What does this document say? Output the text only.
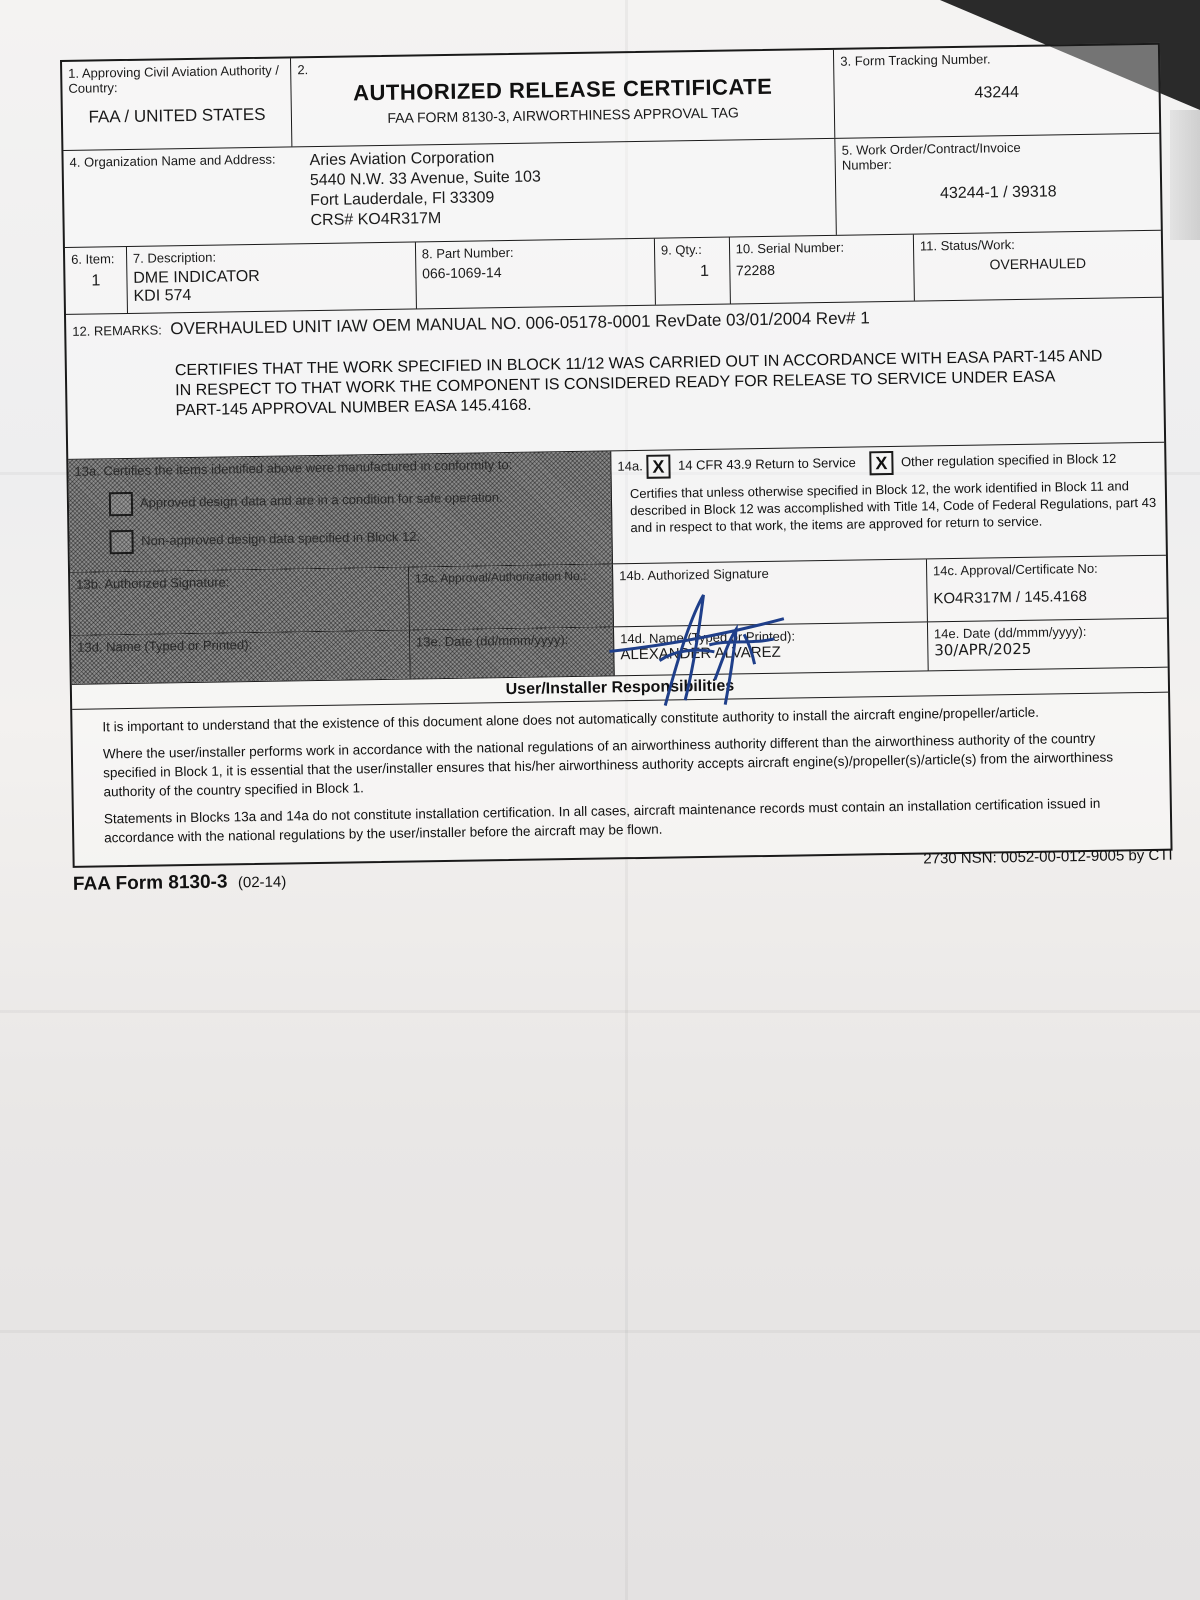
1. Approving Civil Aviation Authority / Country:
FAA / UNITED STATES
2.
AUTHORIZED RELEASE CERTIFICATE
FAA FORM 8130-3, AIRWORTHINESS APPROVAL TAG
3. Form Tracking Number.
43244
4. Organization Name and Address:	Aries Aviation Corporation
5440 N.W. 33 Avenue, Suite 103
Fort Lauderdale, Fl 33309
CRS# KO4R317M
5. Work Order/Contract/Invoice Number:
43244-1 / 39318
6. Item:
1
7. Description:
DME INDICATOR
KDI 574
8. Part Number:
066-1069-14
9. Qty.:
1
10. Serial Number:
72288
11. Status/Work:
OVERHAULED
12. REMARKS: OVERHAULED UNIT IAW OEM MANUAL NO. 006-05178-0001 RevDate 03/01/2004 Rev# 1
CERTIFIES THAT THE WORK SPECIFIED IN BLOCK 11/12 WAS CARRIED OUT IN ACCORDANCE WITH EASA PART-145 AND IN RESPECT TO THAT WORK THE COMPONENT IS CONSIDERED READY FOR RELEASE TO SERVICE UNDER EASA PART-145 APPROVAL NUMBER EASA 145.4168.
13a. Certifies the items identified above were manufactured in conformity to:
Approved design data and are in a condition for safe operation.
Non-approved design data specified in Block 12.
14a. X 14 CFR 43.9 Return to Service X Other regulation specified in Block 12
Certifies that unless otherwise specified in Block 12, the work identified in Block 11 and described in Block 12 was accomplished with Title 14, Code of Federal Regulations, part 43 and in respect to that work, the items are approved for return to service.
13b. Authorized Signature:	13c. Approval/Authorization No.:	14b. Authorized Signature	14c. Approval/Certificate No:
KO4R317M / 145.4168
13d. Name (Typed or Printed):	13e. Date (dd/mmm/yyyy):	14d. Name (Typed or Printed):
ALEXANDER ALVAREZ
14e. Date (dd/mmm/yyyy):
30/APR/2025
User/Installer Responsibilities

It is important to understand that the existence of this document alone does not automatically constitute authority to install the aircraft engine/propeller/article.

Where the user/installer performs work in accordance with the national regulations of an airworthiness authority different than the airworthiness authority of the country specified in Block 1, it is essential that the user/installer ensures that his/her airworthiness authority accepts aircraft engine(s)/propeller(s)/article(s) from the airworthiness authority of the country specified in Block 1.

Statements in Blocks 13a and 14a do not constitute installation certification. In all cases, aircraft maintenance records must contain an installation certification issued in accordance with the national regulations by the user/installer before the aircraft may be flown.

FAA Form 8130-3 (02-14)
2730 NSN: 0052-00-012-9005 by CTI
